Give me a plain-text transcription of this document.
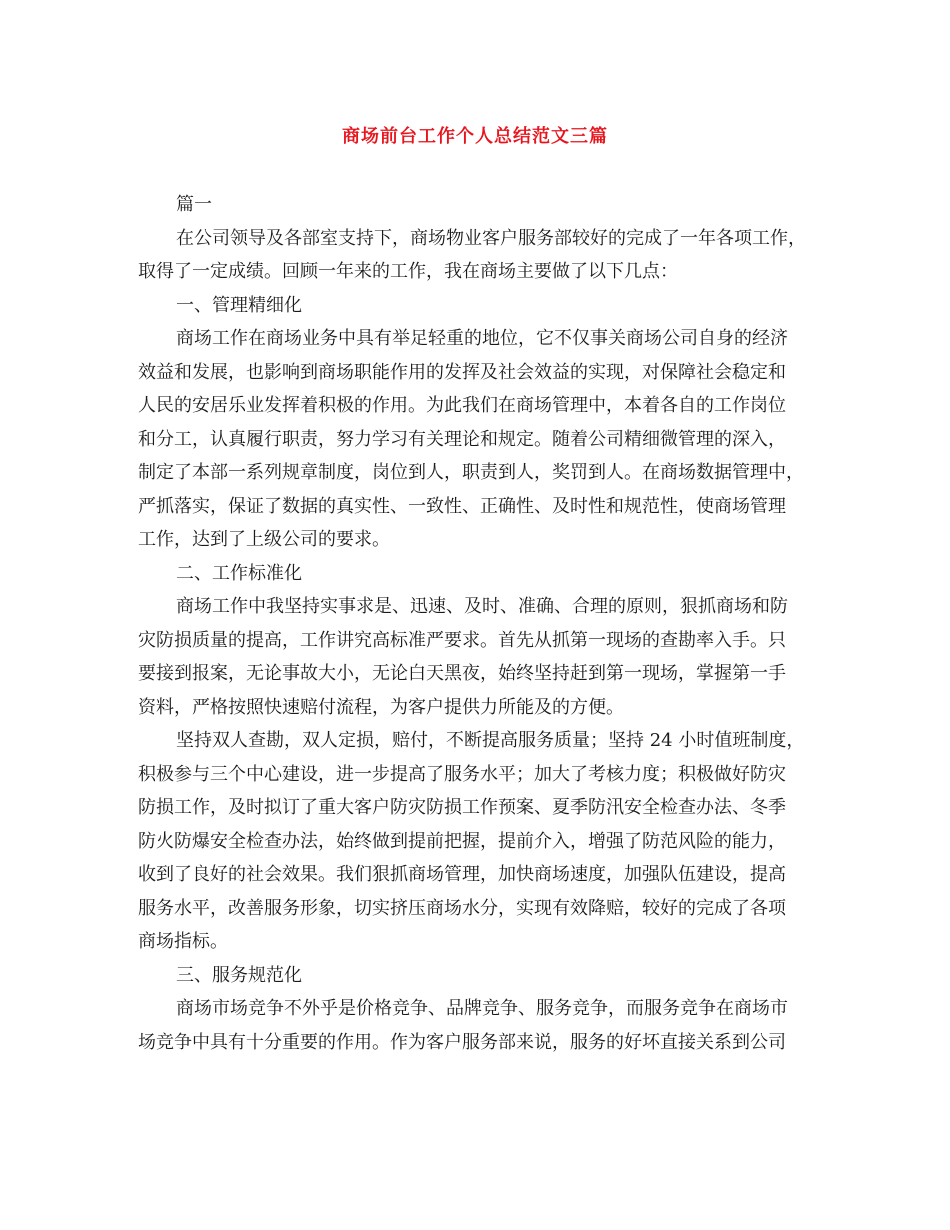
商场前台工作个人总结范文三篇
篇一
在公司领导及各部室支持下，商场物业客户服务部较好的完成了一年各项工作，
取得了一定成绩。回顾一年来的工作，我在商场主要做了以下几点：
一、管理精细化
商场工作在商场业务中具有举足轻重的地位，它不仅事关商场公司自身的经济
效益和发展，也影响到商场职能作用的发挥及社会效益的实现，对保障社会稳定和
人民的安居乐业发挥着积极的作用。为此我们在商场管理中，本着各自的工作岗位
和分工，认真履行职责，努力学习有关理论和规定。随着公司精细微管理的深入，
制定了本部一系列规章制度，岗位到人，职责到人，奖罚到人。在商场数据管理中，
严抓落实，保证了数据的真实性、一致性、正确性、及时性和规范性，使商场管理
工作，达到了上级公司的要求。
二、工作标准化
商场工作中我坚持实事求是、迅速、及时、准确、合理的原则，狠抓商场和防
灾防损质量的提高，工作讲究高标准严要求。首先从抓第一现场的查勘率入手。只
要接到报案，无论事故大小，无论白天黑夜，始终坚持赶到第一现场，掌握第一手
资料，严格按照快速赔付流程，为客户提供力所能及的方便。
坚持双人查勘，双人定损，赔付，不断提高服务质量；坚持 24 小时值班制度，
积极参与三个中心建设，进一步提高了服务水平；加大了考核力度；积极做好防灾
防损工作，及时拟订了重大客户防灾防损工作预案、夏季防汛安全检查办法、冬季
防火防爆安全检查办法，始终做到提前把握，提前介入，增强了防范风险的能力，
收到了良好的社会效果。我们狠抓商场管理，加快商场速度，加强队伍建设，提高
服务水平，改善服务形象，切实挤压商场水分，实现有效降赔，较好的完成了各项
商场指标。
三、服务规范化
商场市场竞争不外乎是价格竞争、品牌竞争、服务竞争，而服务竞争在商场市
场竞争中具有十分重要的作用。作为客户服务部来说，服务的好坏直接关系到公司
